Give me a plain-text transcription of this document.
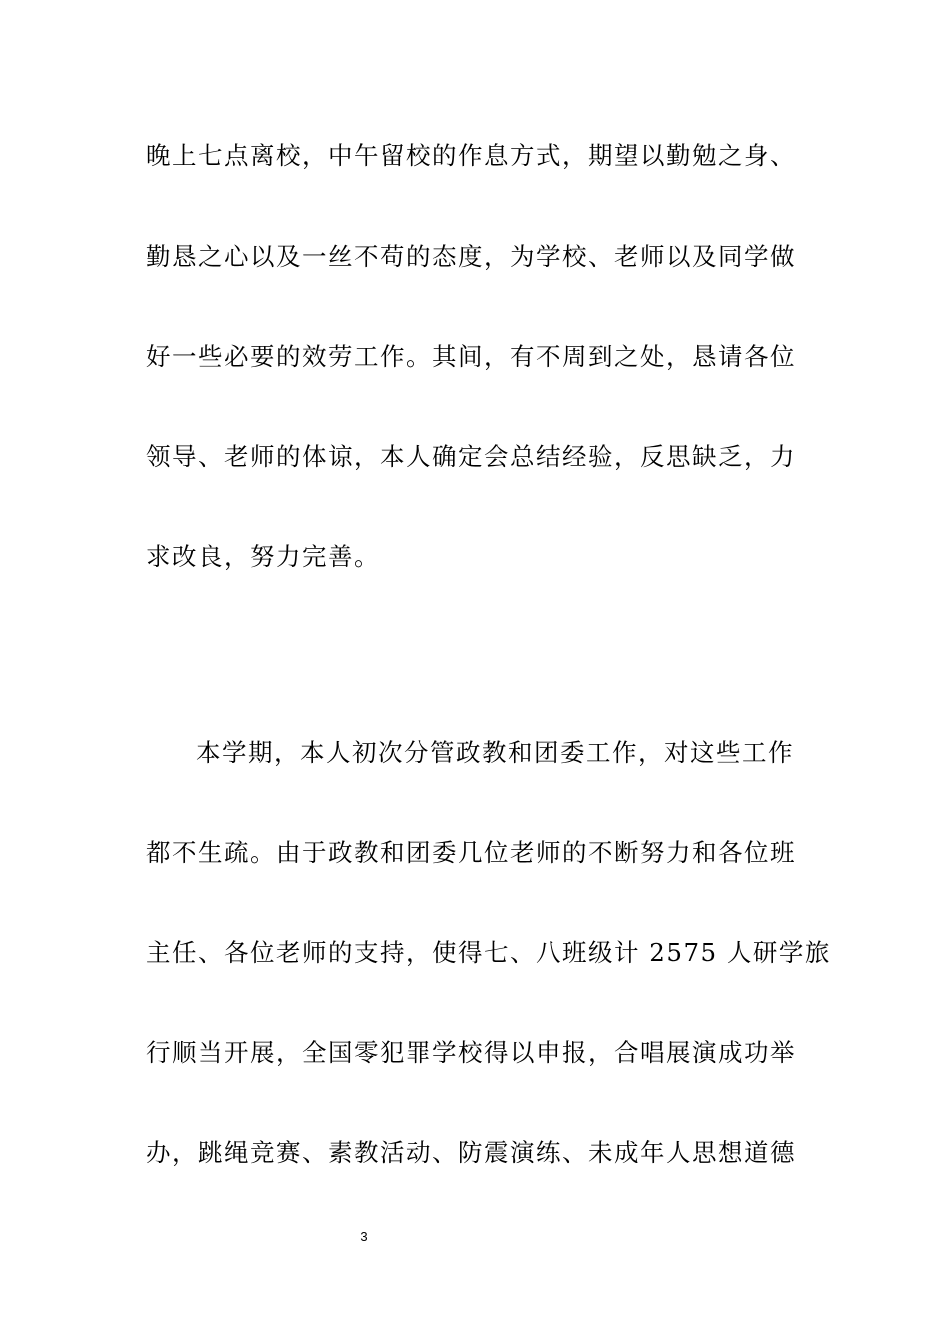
晚上七点离校，中午留校的作息方式，期望以勤勉之身、
勤恳之心以及一丝不苟的态度，为学校、老师以及同学做
好一些必要的效劳工作。其间，有不周到之处，恳请各位
领导、老师的体谅，本人确定会总结经验，反思缺乏，力
求改良，努力完善。
本学期，本人初次分管政教和团委工作，对这些工作
都不生疏。由于政教和团委几位老师的不断努力和各位班
主任、各位老师的支持，使得七、八班级计 2575 人研学旅
行顺当开展，全国零犯罪学校得以申报，合唱展演成功举
办，跳绳竞赛、素教活动、防震演练、未成年人思想道德
3
